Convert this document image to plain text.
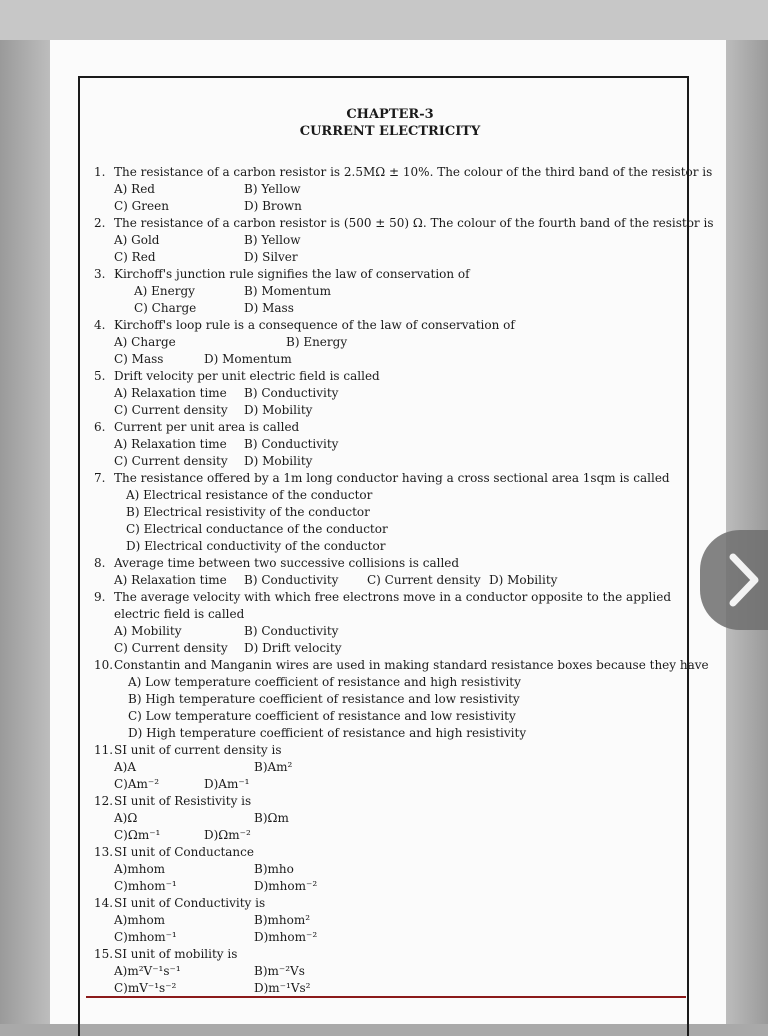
CHAPTER-3
CURRENT ELECTRICITY
1. The resistance of a carbon resistor is 2.5MΩ ± 10%. The colour of the third band of the resistor is
A) Red	B) Yellow
C) Green	D) Brown
2. The resistance of a carbon resistor is (500 ± 50) Ω. The colour of the fourth band of the resistor is
A) Gold	B) Yellow
C) Red	D) Silver
3. Kirchoff's junction rule signifies the law of conservation of
A) Energy	B) Momentum
C) Charge	D) Mass
4. Kirchoff's loop rule is a consequence of the law of conservation of
A) Charge	B) Energy
C) Mass	D) Momentum
5. Drift velocity per unit electric field is called
A) Relaxation time B) Conductivity
C) Current density D) Mobility
6. Current per unit area is called
A) Relaxation time B) Conductivity
C) Current density D) Mobility
7. The resistance offered by a 1m long conductor having a cross sectional area 1sqm is called
A) Electrical resistance of the conductor
B) Electrical resistivity of the conductor
C) Electrical conductance of the conductor
D) Electrical conductivity of the conductor
8. Average time between two successive collisions is called
A) Relaxation time B) Conductivity C) Current density D) Mobility
9. The average velocity with which free electrons move in a conductor opposite to the applied electric field is called
A) Mobility	B) Conductivity
C) Current density D) Drift velocity
10. Constantin and Manganin wires are used in making standard resistance boxes because they have
A) Low temperature coefficient of resistance and high resistivity
B) High temperature coefficient of resistance and low resistivity
C) Low temperature coefficient of resistance and low resistivity
D) High temperature coefficient of resistance and high resistivity
11. SI unit of current density is
A)A	B)Am²
C)Am⁻²	D)Am⁻¹
12. SI unit of Resistivity is
A)Ω	B)Ωm
C)Ωm⁻¹	D)Ωm⁻²
13. SI unit of Conductance
A)mhom	B)mho
C)mhom⁻¹	D)mhom⁻²
14. SI unit of Conductivity is
A)mhom	B)mhom²
C)mhom⁻¹	D)mhom⁻²
15. SI unit of mobility is
A)m²V⁻¹s⁻¹	B)m⁻²Vs
C)mV⁻¹s⁻²	D)m⁻¹Vs²
